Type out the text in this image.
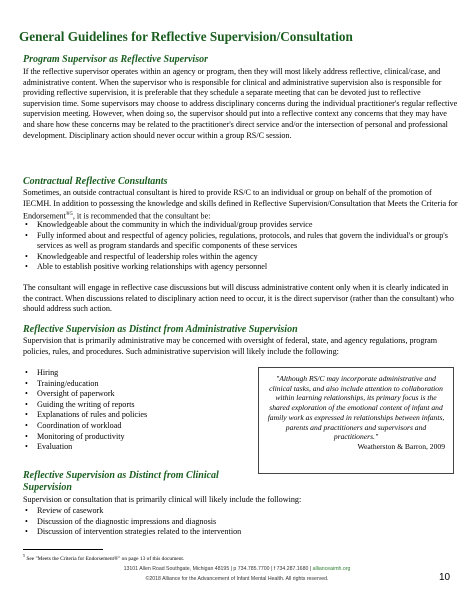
General Guidelines for Reflective Supervision/Consultation
Program Supervisor as Reflective Supervisor

If the reflective supervisor operates within an agency or program, then they will most likely address reflective, clinical/case, and administrative content. When the supervisor who is responsible for clinical and administrative supervision also is responsible for providing reflective supervision, it is preferable that they schedule a separate meeting that can be devoted just to reflective supervision time. Some supervisors may choose to address disciplinary concerns during the individual practitioner's regular reflective supervision meeting. However, when doing so, the supervisor should put into a reflective context any concerns that they may have and share how these concerns may be related to the practitioner's direct service and/or the intersection of personal and professional development. Disciplinary action should never occur within a group RS/C session.

Contractual Reflective Consultants

Sometimes, an outside contractual consultant is hired to provide RS/C to an individual or group on behalf of the promotion of IECMH. In addition to possessing the knowledge and skills defined in Reflective Supervision/Consultation that Meets the Criteria for Endorsement$^{®5}$, it is recommended that the consultant be:

• Knowledgeable about the community in which the individual/group provides service
• Fully informed about and respectful of agency policies, regulations, protocols, and rules that govern the individual's or group's services as well as program standards and specific components of these services
• Knowledgeable and respectful of leadership roles within the agency
• Able to establish positive working relationships with agency personnel

The consultant will engage in reflective case discussions but will discuss administrative content only when it is clearly indicated in the contract. When discussions related to disciplinary action need to occur, it is the direct supervisor (rather than the consultant) who should address such action.

Reflective Supervision as Distinct from Administrative Supervision

Supervision that is primarily administrative may be concerned with oversight of federal, state, and agency regulations, program policies, rules, and procedures. Such administrative supervision will likely include the following:

• Hiring
• Training/education
• Oversight of paperwork
• Guiding the writing of reports
• Explanations of rules and policies
• Coordination of workload
• Monitoring of productivity
• Evaluation
"Although RS/C may incorporate administrative and clinical tasks, and also include attention to collaboration within learning relationships, its primary focus is the shared exploration of the emotional content of infant and family work as expressed in relationships between infants, parents and practitioners and supervisors and practitioners."
Weatherston & Barron, 2009
Reflective Supervision as Distinct from Clinical
Supervision

Supervision or consultation that is primarily clinical will likely include the following:

• Review of casework
• Discussion of the diagnostic impressions and diagnosis
• Discussion of intervention strategies related to the intervention
$^5$ See "Meets the Criteria for Endorsement®" on page 13 of this document.
13101 Allen Road Southgate, Michigan 48195 | p 734.785.7700 | f 734.287.1680 | allianceaimh.org
©2018 Alliance for the Advancement of Infant Mental Health. All rights reserved.	10
